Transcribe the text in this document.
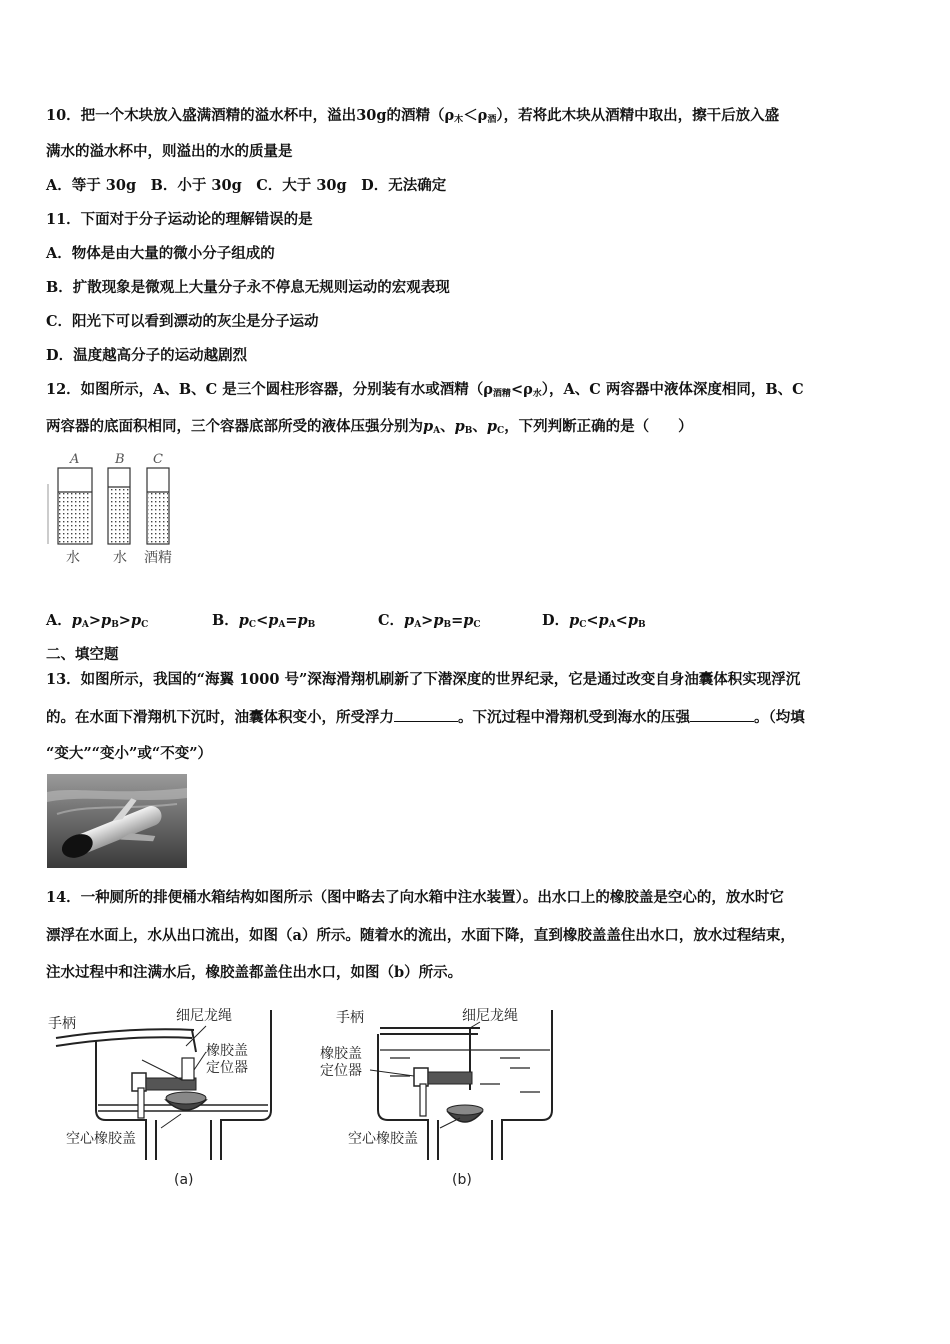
10．把一个木块放入盛满酒精的溢水杯中，溢出30g的酒精$(\rho_木<\rho_酒)$，若将此木块从酒精中取出，擦干后放入盛
满水的溢水杯中，则溢出的水的质量是
A．等于 30g　B．小于 30g　C．大于 30g　D．无法确定
11．下面对于分子运动论的理解错误的是
A．物体是由大量的微小分子组成的
B．扩散现象是微观上大量分子永不停息无规则运动的宏观表现
C．阳光下可以看到漂动的灰尘是分子运动
D．温度越高分子的运动越剧烈
12．如图所示，A、B、C 是三个圆柱形容器，分别装有水或酒精$(\rho_{酒精}<\rho_水)$，A、C 两容器中液体深度相同，B、C
两容器的底面积相同，三个容器底部所受的液体压强分别为$p_A$、$p_B$、$p_C$，下列判断正确的是（　　）
A	B C
水 水 酒精
A．$p_A>p_B>p_C$	B．$p_C<p_A=p_B$	C．$p_A>p_B=p_C$	D．$p_C<p_A<p_B$
二、填空题
13．如图所示，我国的“海翼 1000 号”深海滑翔机刷新了下潜深度的世界纪录，它是通过改变自身油囊体积实现浮沉
的。在水面下滑翔机下沉时，油囊体积变小，所受浮力	。下沉过程中滑翔机受到海水的压强	。（均填
“变大”“变小”或“不变”）
14．一种厕所的排便桶水箱结构如图所示（图中略去了向水箱中注水装置）。出水口上的橡胶盖是空心的，放水时它
漂浮在水面上，水从出口流出，如图（a）所示。随着水的流出，水面下降，直到橡胶盖盖住出水口，放水过程结束，
注水过程中和注满水后，橡胶盖都盖住出水口，如图（b）所示。
手柄	细尼龙绳
橡胶盖
定位器
空心橡胶盖
(a)
手柄	细尼龙绳
橡胶盖
定位器
空心橡胶盖
(b)
